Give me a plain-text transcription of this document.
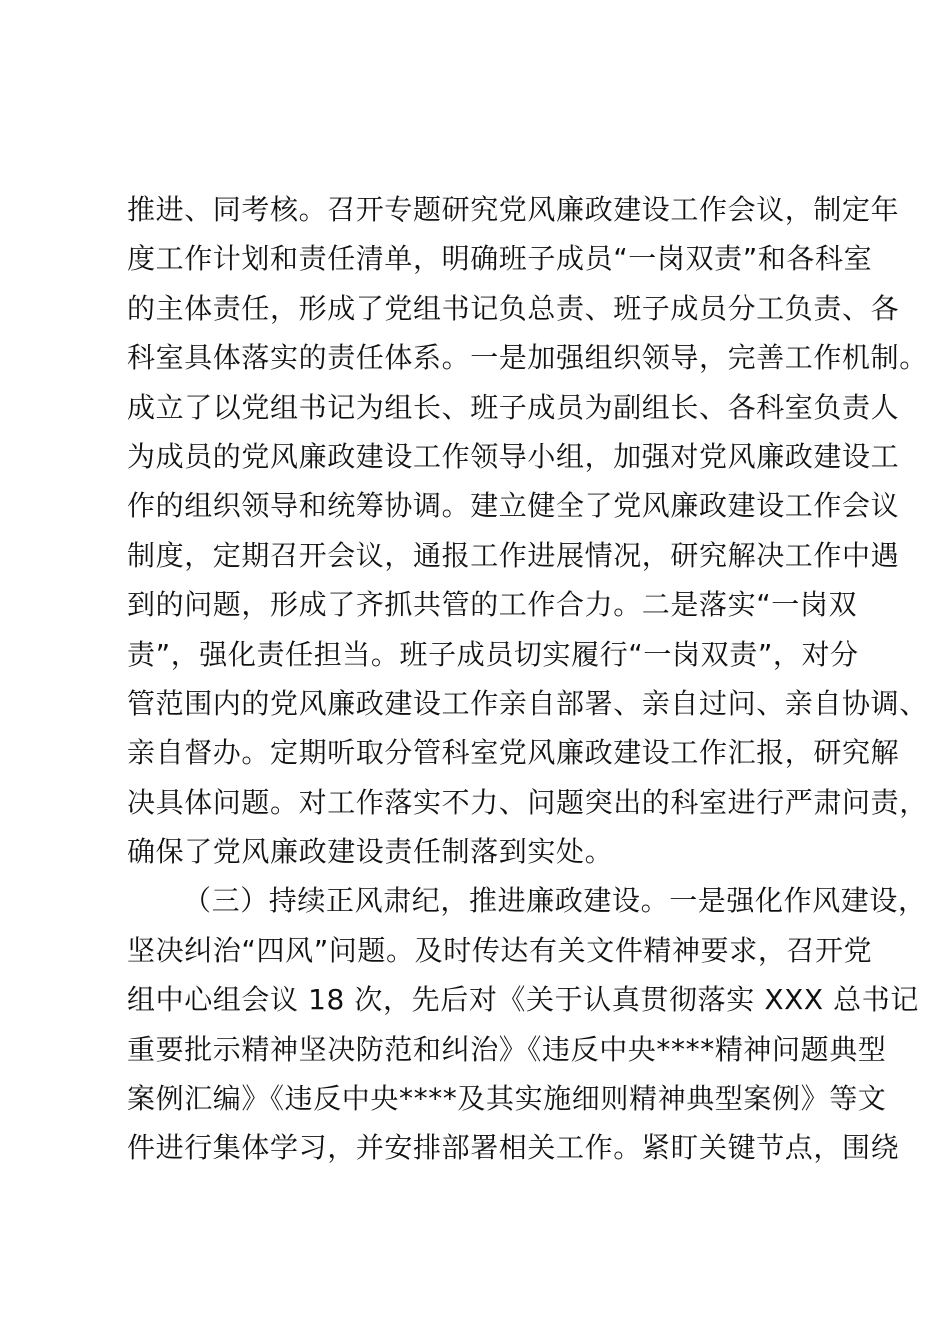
推进、同考核。召开专题研究党风廉政建设工作会议，制定年
度工作计划和责任清单，明确班子成员“一岗双责”和各科室
的主体责任，形成了党组书记负总责、班子成员分工负责、各
科室具体落实的责任体系。一是加强组织领导，完善工作机制。
成立了以党组书记为组长、班子成员为副组长、各科室负责人
为成员的党风廉政建设工作领导小组，加强对党风廉政建设工
作的组织领导和统筹协调。建立健全了党风廉政建设工作会议
制度，定期召开会议，通报工作进展情况，研究解决工作中遇
到的问题，形成了齐抓共管的工作合力。二是落实“一岗双
责”，强化责任担当。班子成员切实履行“一岗双责”，对分
管范围内的党风廉政建设工作亲自部署、亲自过问、亲自协调、
亲自督办。定期听取分管科室党风廉政建设工作汇报，研究解
决具体问题。对工作落实不力、问题突出的科室进行严肃问责，
确保了党风廉政建设责任制落到实处。
（三）持续正风肃纪，推进廉政建设。一是强化作风建设，
坚决纠治“四风”问题。及时传达有关文件精神要求，召开党
组中心组会议 18 次，先后对《关于认真贯彻落实 XXX 总书记
重要批示精神坚决防范和纠治》《违反中央****精神问题典型
案例汇编》《违反中央****及其实施细则精神典型案例》等文
件进行集体学习，并安排部署相关工作。紧盯关键节点，围绕
